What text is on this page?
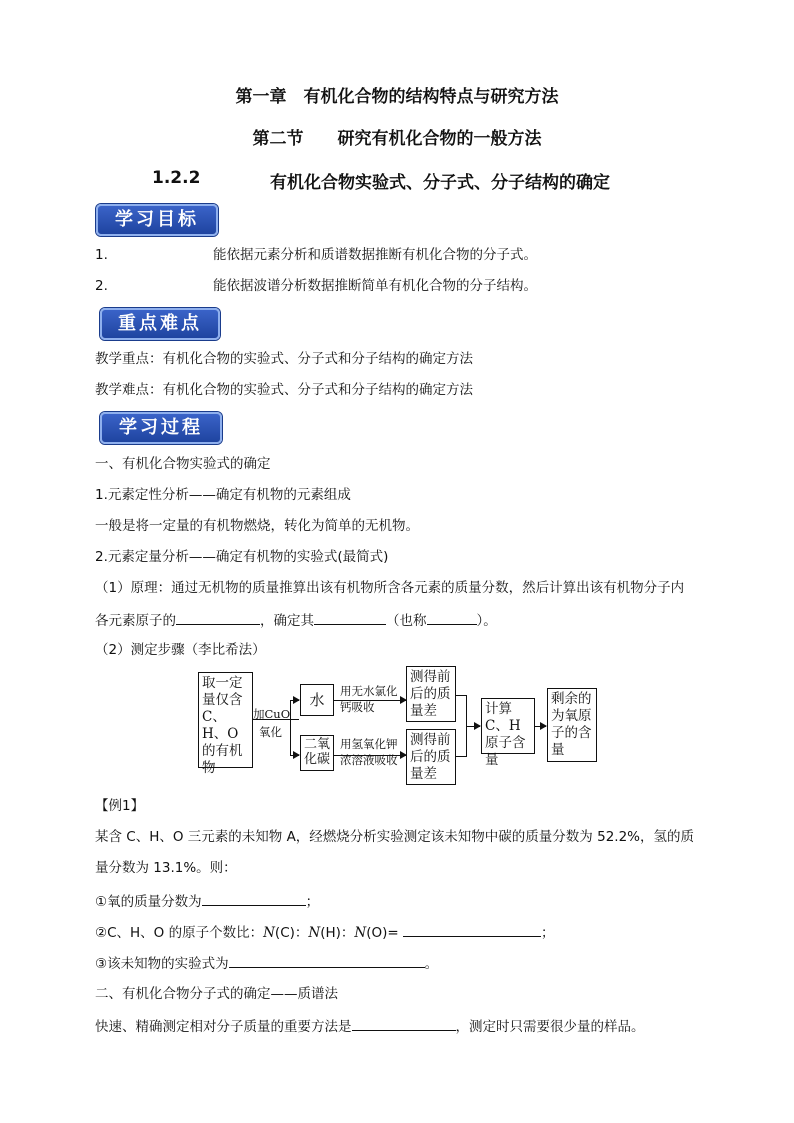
第一章　有机化合物的结构特点与研究方法
第二节　　研究有机化合物的一般方法
1.2.2	有机化合物实验式、分子式、分子结构的确定
学习目标
1.	能依据元素分析和质谱数据推断有机化合物的分子式。
2.	能依据波谱分析数据推断简单有机化合物的分子结构。
重点难点
教学重点：有机化合物的实验式、分子式和分子结构的确定方法
教学难点：有机化合物的实验式、分子式和分子结构的确定方法
学习过程
一、有机化合物实验式的确定
1.元素定性分析——确定有机物的元素组成
一般是将一定量的有机物燃烧，转化为简单的无机物。
2.元素定量分析——确定有机物的实验式(最简式)
（1）原理：通过无机物的质量推算出该有机物所含各元素的质量分数，然后计算出该有机物分子内
各元素原子的	，确定其	（也称	）。
（2）测定步骤（李比希法）
取一定量仅含C、H、O的有机物
加CuO
氧化
水
二氧化碳
用无水氯化钙吸收
用氢氧化钾浓溶液吸收
测得前后的质量差
测得前后的质量差
计算C、H原子含量
剩余的为氧原子的含量
【例1】
某含 C、H、O 三元素的未知物 A，经燃烧分析实验测定该未知物中碳的质量分数为 52.2%，氢的质
量分数为 13.1%。则：
①氧的质量分数为	；
②C、H、O 的原子个数比：N(C)：N(H)：N(O)=	；
③该未知物的实验式为	。
二、有机化合物分子式的确定——质谱法
快速、精确测定相对分子质量的重要方法是	，测定时只需要很少量的样品。
